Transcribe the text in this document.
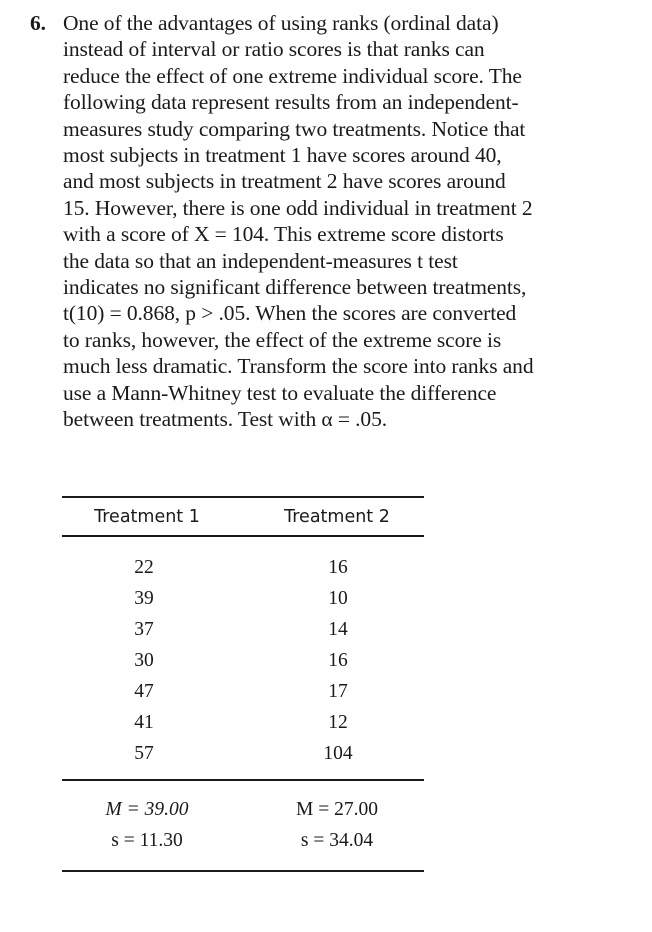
6. One of the advantages of using ranks (ordinal data)
instead of interval or ratio scores is that ranks can
reduce the effect of one extreme individual score. The
following data represent results from an independent-
measures study comparing two treatments. Notice that
most subjects in treatment 1 have scores around 40,
and most subjects in treatment 2 have scores around
15. However, there is one odd individual in treatment 2
with a score of X = 104. This extreme score distorts
the data so that an independent-measures t test
indicates no significant difference between treatments,
t(10) = 0.868, p > .05. When the scores are converted
to ranks, however, the effect of the extreme score is
much less dramatic. Transform the score into ranks and
use a Mann-Whitney test to evaluate the difference
between treatments. Test with α = .05.
Treatment 1	Treatment 2
22
39
37
30
47
41
57
16
10
14
16
17
12
104
M = 39.00
s = 11.30
M = 27.00
s = 34.04
